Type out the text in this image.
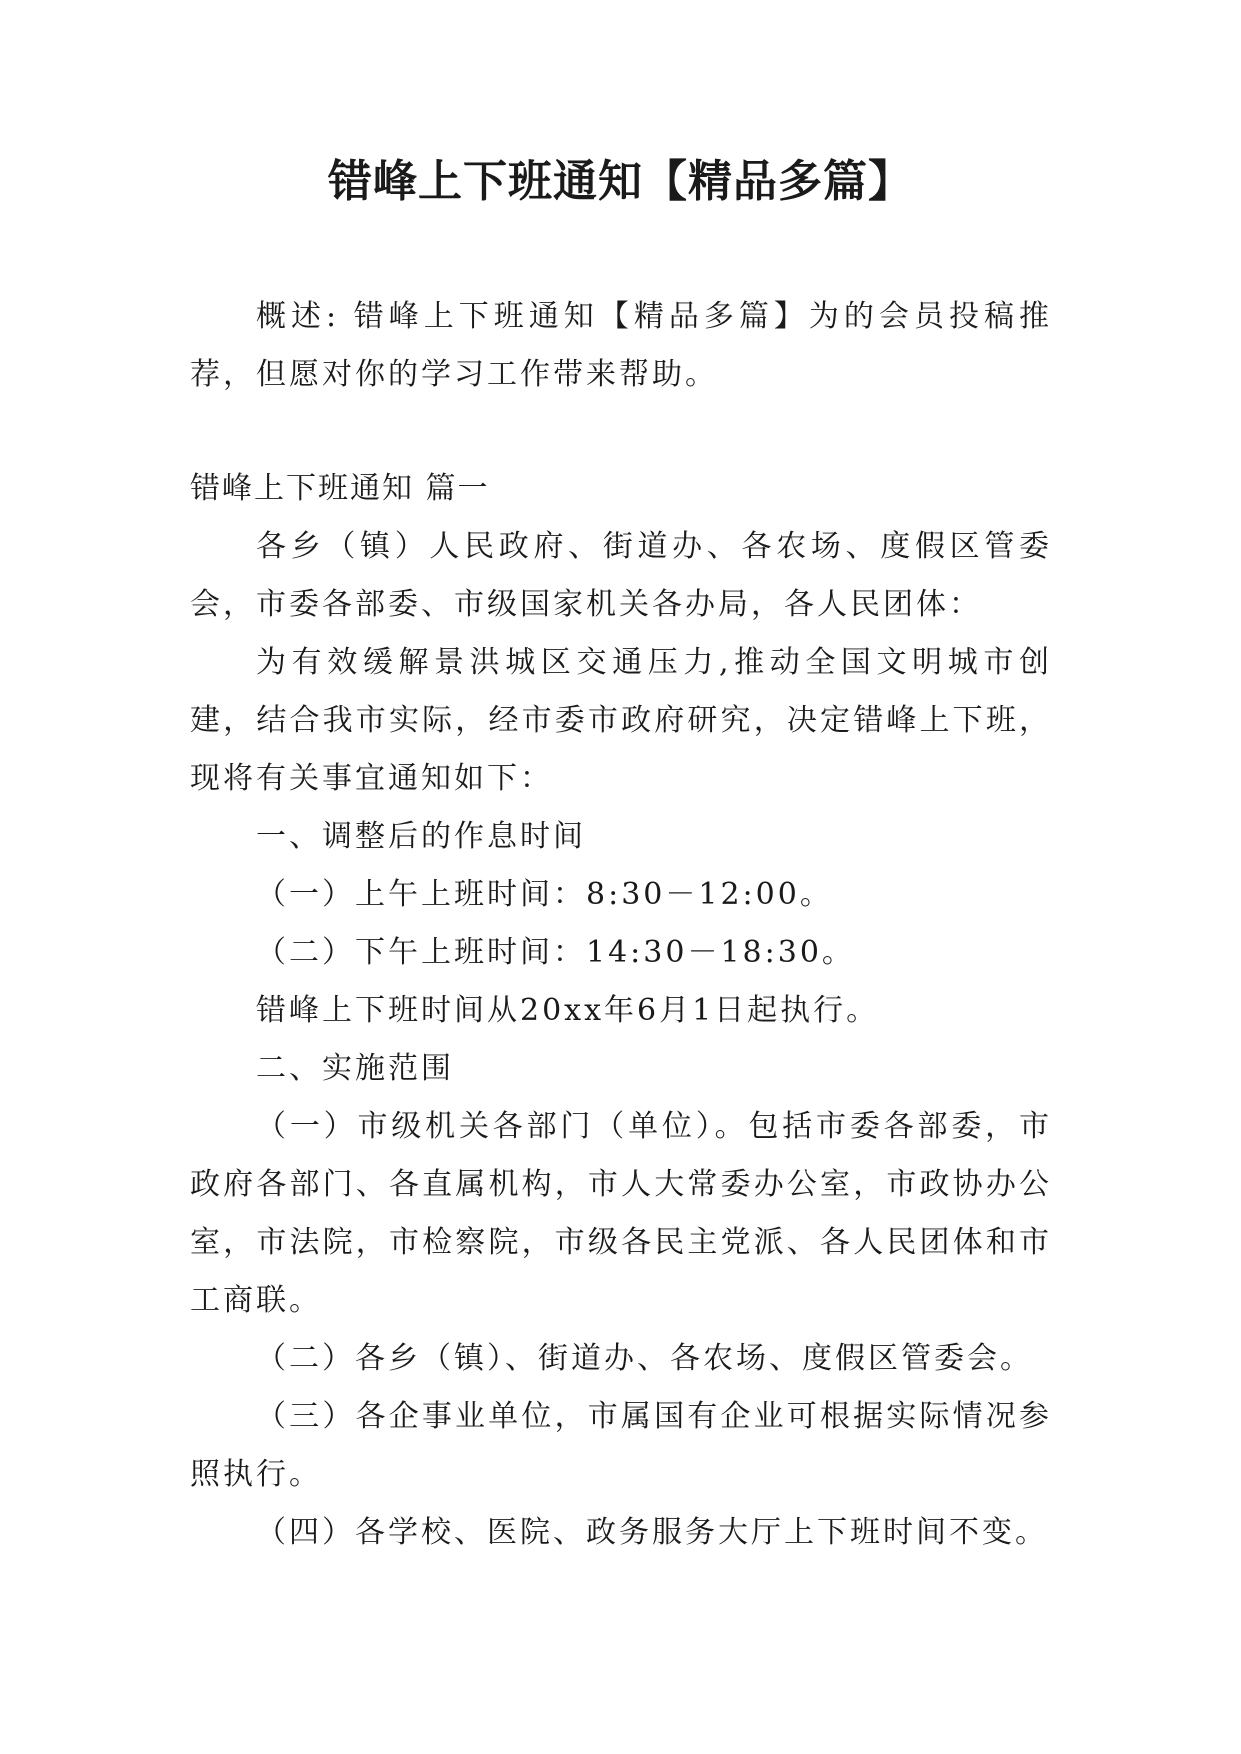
错峰上下班通知【精品多篇】

概述: 错峰上下班通知【精品多篇】为的会员投稿推荐，但愿对你的学习工作带来帮助。

错峰上下班通知 篇一

各乡（镇）人民政府、街道办、各农场、度假区管委会，市委各部委、市级国家机关各办局，各人民团体：

为有效缓解景洪城区交通压力,推动全国文明城市创建，结合我市实际，经市委市政府研究，决定错峰上下班，现将有关事宜通知如下：

一、调整后的作息时间

（一）上午上班时间：8:30－12:00。

（二）下午上班时间：14:30－18:30。

错峰上下班时间从20xx年6月1日起执行。

二、实施范围

（一）市级机关各部门（单位）。包括市委各部委，市政府各部门、各直属机构，市人大常委办公室，市政协办公室，市法院，市检察院，市级各民主党派、各人民团体和市工商联。

（二）各乡（镇）、街道办、各农场、度假区管委会。

（三）各企事业单位，市属国有企业可根据实际情况参照执行。

（四）各学校、医院、政务服务大厅上下班时间不变。
